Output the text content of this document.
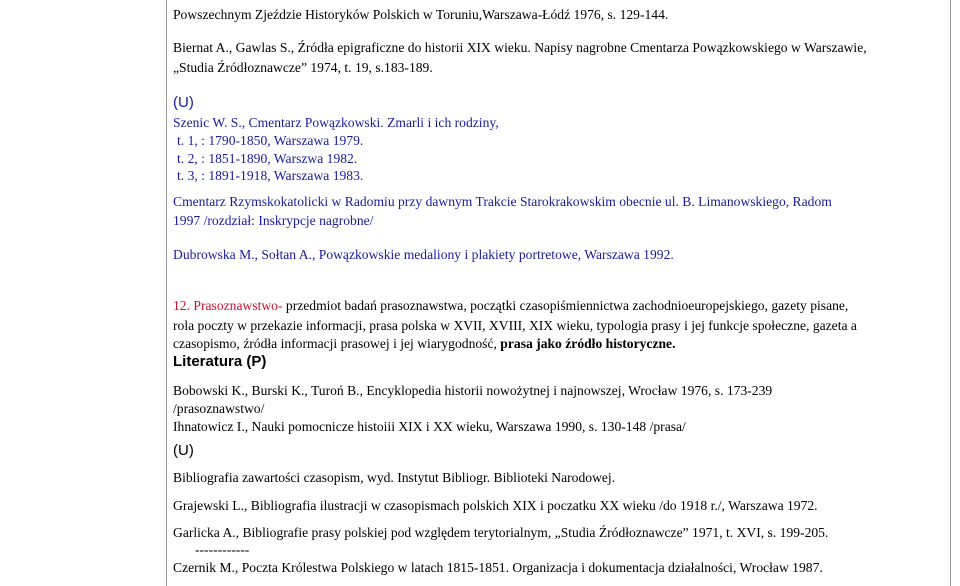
Powszechnym Zjeździe Historyków Polskich w Toruniu,Warszawa-Łódź 1976, s. 129-144.
Biernat A., Gawlas S., Źródła epigraficzne do historii XIX wieku. Napisy nagrobne Cmentarza Powązkowskiego w Warszawie,
„Studia Źródłoznawcze” 1974, t. 19, s.183-189.
(U)
Szenic W. S., Cmentarz Powązkowski. Zmarli i ich rodziny,
t. 1, : 1790-1850, Warszawa 1979.
t. 2, : 1851-1890, Warszwa 1982.
t. 3, : 1891-1918, Warszawa 1983.
Cmentarz Rzymskokatolicki w Radomiu przy dawnym Trakcie Starokrakowskim obecnie ul. B. Limanowskiego, Radom
1997 /rozdział: Inskrypcje nagrobne/
Dubrowska M., Sołtan A., Powązkowskie medaliony i plakiety portretowe, Warszawa 1992.
12. Prasoznawstwo- przedmiot badań prasoznawstwa, początki czasopiśmiennictwa zachodnioeuropejskiego, gazety pisane,
rola poczty w przekazie informacji, prasa polska w XVII, XVIII, XIX wieku, typologia prasy i jej funkcje społeczne, gazeta a
czasopismo, źródła informacji prasowej i jej wiarygodność, prasa jako źródło historyczne.
Literatura (P)
Bobowski K., Burski K., Turoń B., Encyklopedia historii nowożytnej i najnowszej, Wrocław 1976, s. 173-239
/prasoznawstwo/
Ihnatowicz I., Nauki pomocnicze histoiii XIX i XX wieku, Warszawa 1990, s. 130-148 /prasa/
(U)
Bibliografia zawartości czasopism, wyd. Instytut Bibliogr. Biblioteki Narodowej.
Grajewski L., Bibliografia ilustracji w czasopismach polskich XIX i poczatku XX wieku /do 1918 r./, Warszawa 1972.
Garlicka A., Bibliografie prasy polskiej pod względem terytorialnym, „Studia Źródłoznawcze” 1971, t. XVI, s. 199-205.
------------
Czernik M., Poczta Królestwa Polskiego w latach 1815-1851. Organizacja i dokumentacja działalności, Wrocław 1987.
